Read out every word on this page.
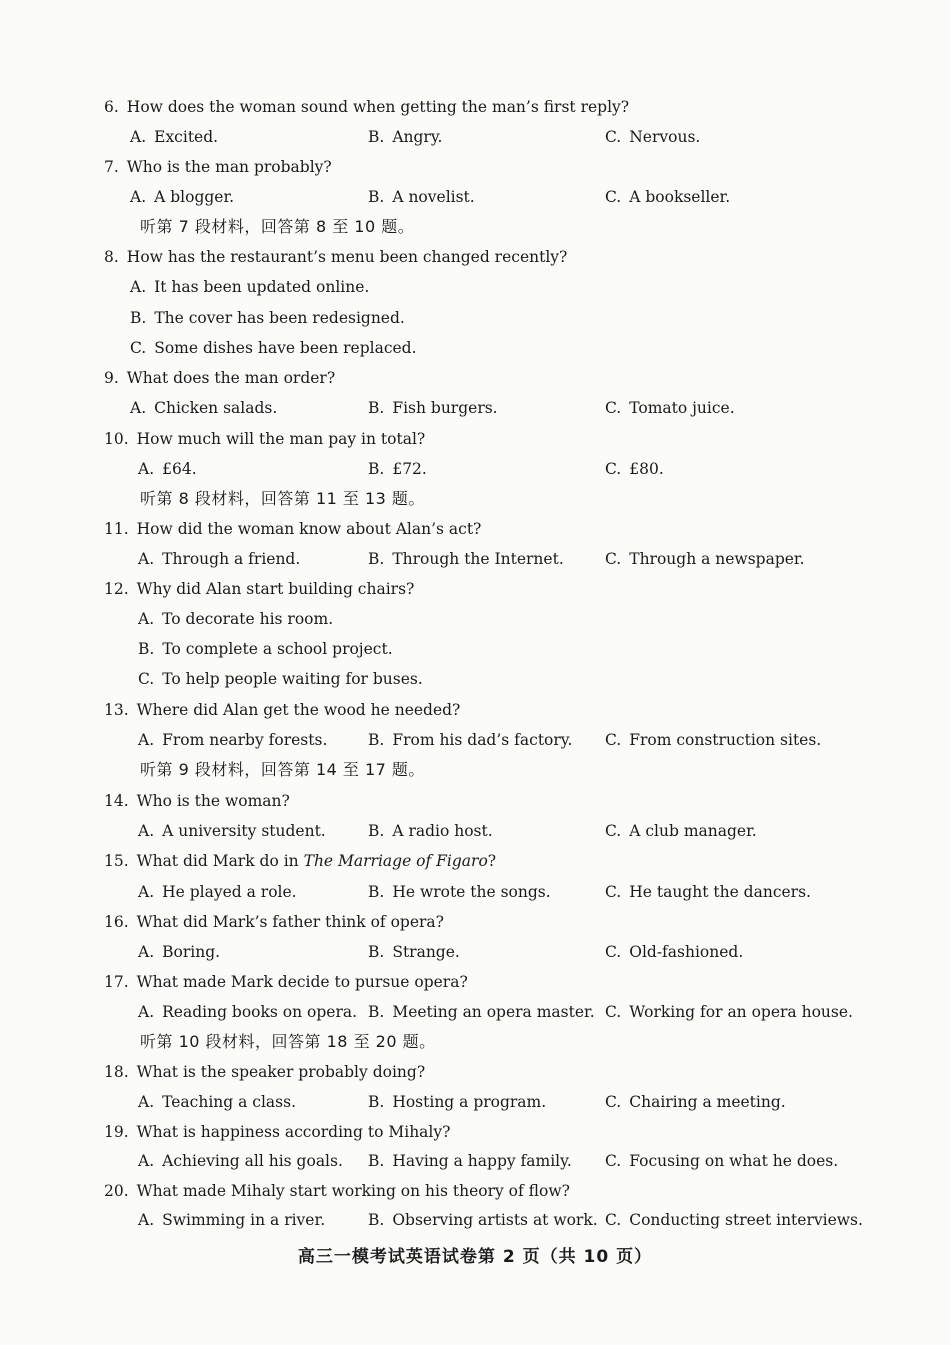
6. How does the woman sound when getting the man’s first reply?
A. Excited.	B. Angry.	C. Nervous.
7. Who is the man probably?
A. A blogger.	B. A novelist.	C. A bookseller.
听第 7 段材料，回答第 8 至 10 题。
8. How has the restaurant’s menu been changed recently?
A. It has been updated online.
B. The cover has been redesigned.
C. Some dishes have been replaced.
9. What does the man order?
A. Chicken salads.	B. Fish burgers.	C. Tomato juice.
10. How much will the man pay in total?
A. £64.	B. £72.	C. £80.
听第 8 段材料，回答第 11 至 13 题。
11. How did the woman know about Alan’s act?
A. Through a friend.	B. Through the Internet.	C. Through a newspaper.
12. Why did Alan start building chairs?
A. To decorate his room.
B. To complete a school project.
C. To help people waiting for buses.
13. Where did Alan get the wood he needed?
A. From nearby forests.	B. From his dad’s factory. C. From construction sites.
听第 9 段材料，回答第 14 至 17 题。
14. Who is the woman?
A. A university student.	B. A radio host.	C. A club manager.
15. What did Mark do in The Marriage of Figaro?
A. He played a role.	B. He wrote the songs.	C. He taught the dancers.
16. What did Mark’s father think of opera?
A. Boring.	B. Strange.	C. Old-fashioned.
17. What made Mark decide to pursue opera?
A. Reading books on opera. B. Meeting an opera master. C. Working for an opera house.
听第 10 段材料，回答第 18 至 20 题。
18. What is the speaker probably doing?
A. Teaching a class.	B. Hosting a program.	C. Chairing a meeting.
19. What is happiness according to Mihaly?
A. Achieving all his goals. B. Having a happy family. C. Focusing on what he does.
20. What made Mihaly start working on his theory of flow?
A. Swimming in a river.	B. Observing artists at work. C. Conducting street interviews.
高三一模考试英语试卷第 2 页（共 10 页）
